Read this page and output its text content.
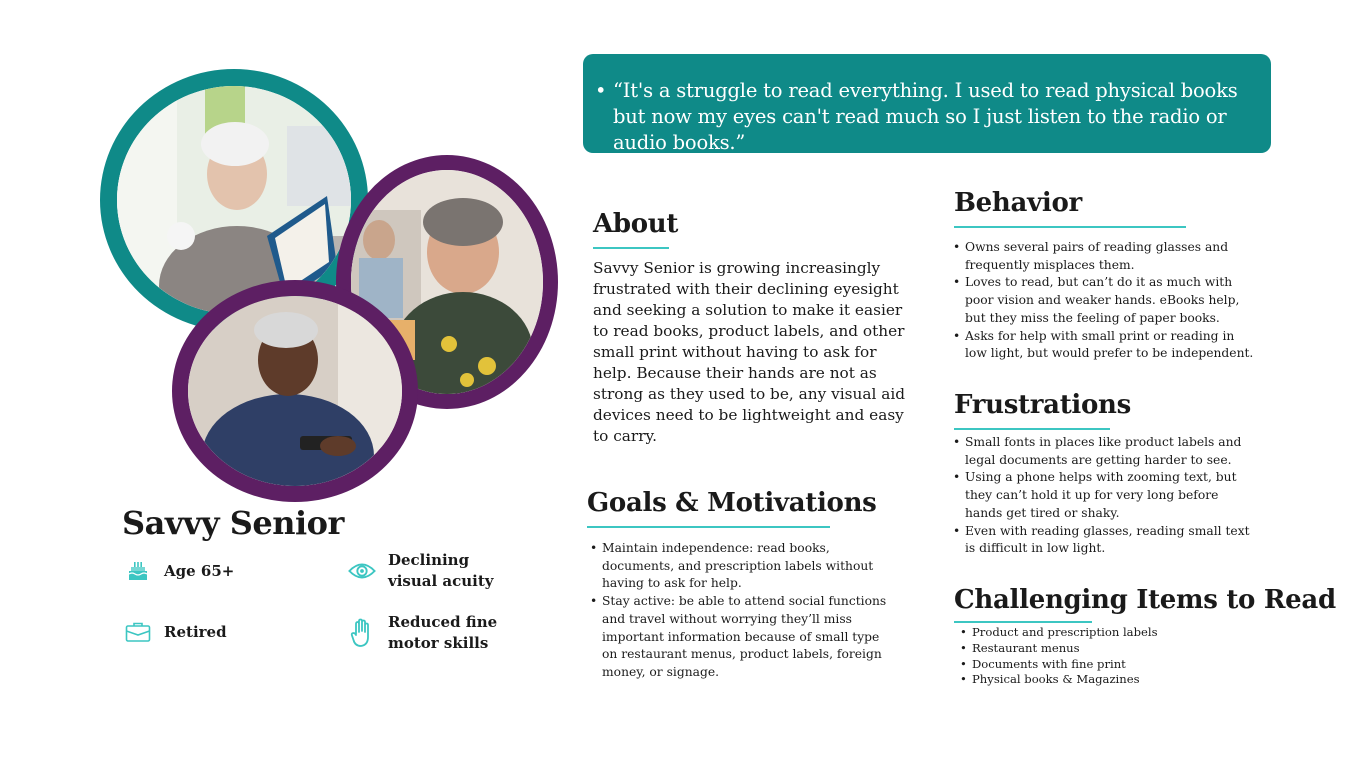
Savvy Senior
Age 65+
Retired
Declining visual acuity
Reduced fine motor skills
• “It's a struggle to read everything. I used to read physical books but now my eyes can't read much so I just listen to the radio or audio books.”
About
Savvy Senior is growing increasingly frustrated with their declining eyesight and seeking a solution to make it easier to read books, product labels, and other small print without having to ask for help. Because their hands are not as strong as they used to be, any visual aid devices need to be lightweight and easy to carry.
Goals & Motivations
• Maintain independence: read books, documents, and prescription labels without having to ask for help.
• Stay active: be able to attend social functions and travel without worrying they’ll miss important information because of small type on restaurant menus, product labels, foreign money, or signage.
Behavior
• Owns several pairs of reading glasses and frequently misplaces them.
• Loves to read, but can’t do it as much with poor vision and weaker hands. eBooks help, but they miss the feeling of paper books.
• Asks for help with small print or reading in low light, but would prefer to be independent.
Frustrations
• Small fonts in places like product labels and legal documents are getting harder to see.
• Using a phone helps with zooming text, but they can’t hold it up for very long before hands get tired or shaky.
• Even with reading glasses, reading small text is difficult in low light.
Challenging Items to Read
• Product and prescription labels
• Restaurant menus
• Documents with fine print
• Physical books & Magazines
